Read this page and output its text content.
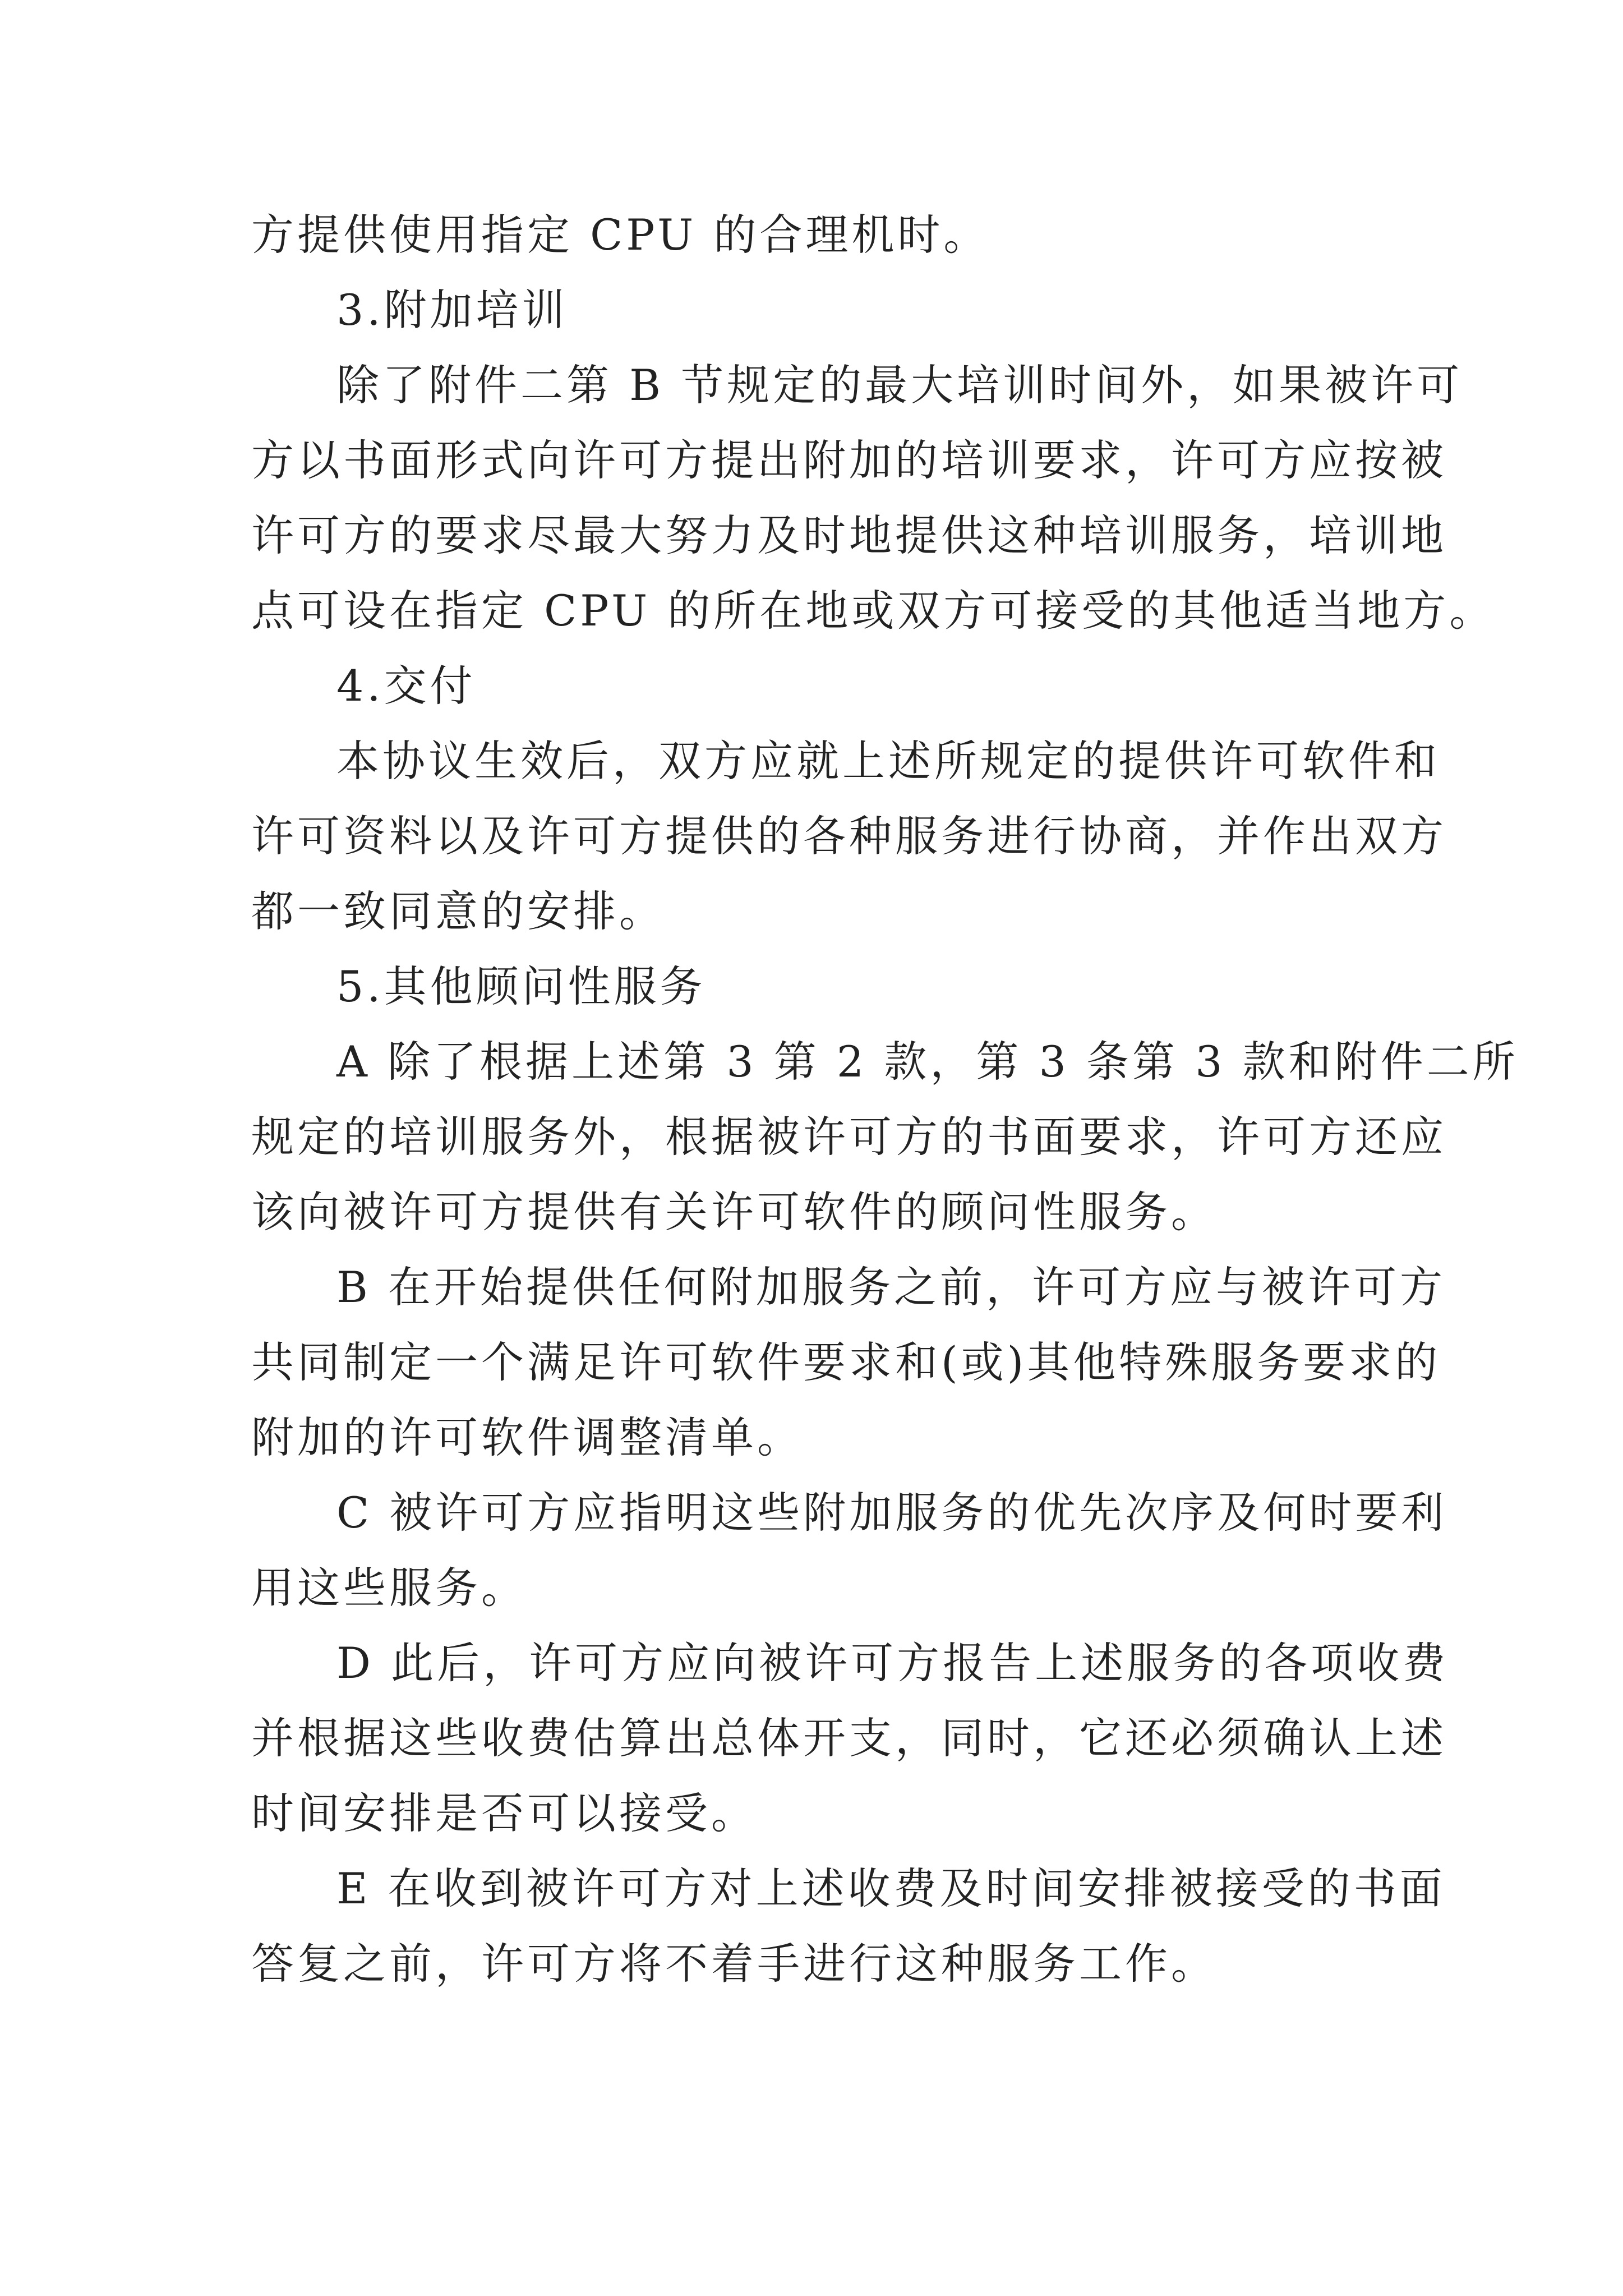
方提供使用指定 CPU 的合理机时。
3.附加培训
除了附件二第 B 节规定的最大培训时间外，如果被许可
方以书面形式向许可方提出附加的培训要求，许可方应按被
许可方的要求尽最大努力及时地提供这种培训服务，培训地
点可设在指定 CPU 的所在地或双方可接受的其他适当地方。
4.交付
本协议生效后，双方应就上述所规定的提供许可软件和
许可资料以及许可方提供的各种服务进行协商，并作出双方
都一致同意的安排。
5.其他顾问性服务
A 除了根据上述第 3 第 2 款，第 3 条第 3 款和附件二所
规定的培训服务外，根据被许可方的书面要求，许可方还应
该向被许可方提供有关许可软件的顾问性服务。
B 在开始提供任何附加服务之前，许可方应与被许可方
共同制定一个满足许可软件要求和(或)其他特殊服务要求的
附加的许可软件调整清单。
C 被许可方应指明这些附加服务的优先次序及何时要利
用这些服务。
D 此后，许可方应向被许可方报告上述服务的各项收费
并根据这些收费估算出总体开支，同时，它还必须确认上述
时间安排是否可以接受。
E 在收到被许可方对上述收费及时间安排被接受的书面
答复之前，许可方将不着手进行这种服务工作。
